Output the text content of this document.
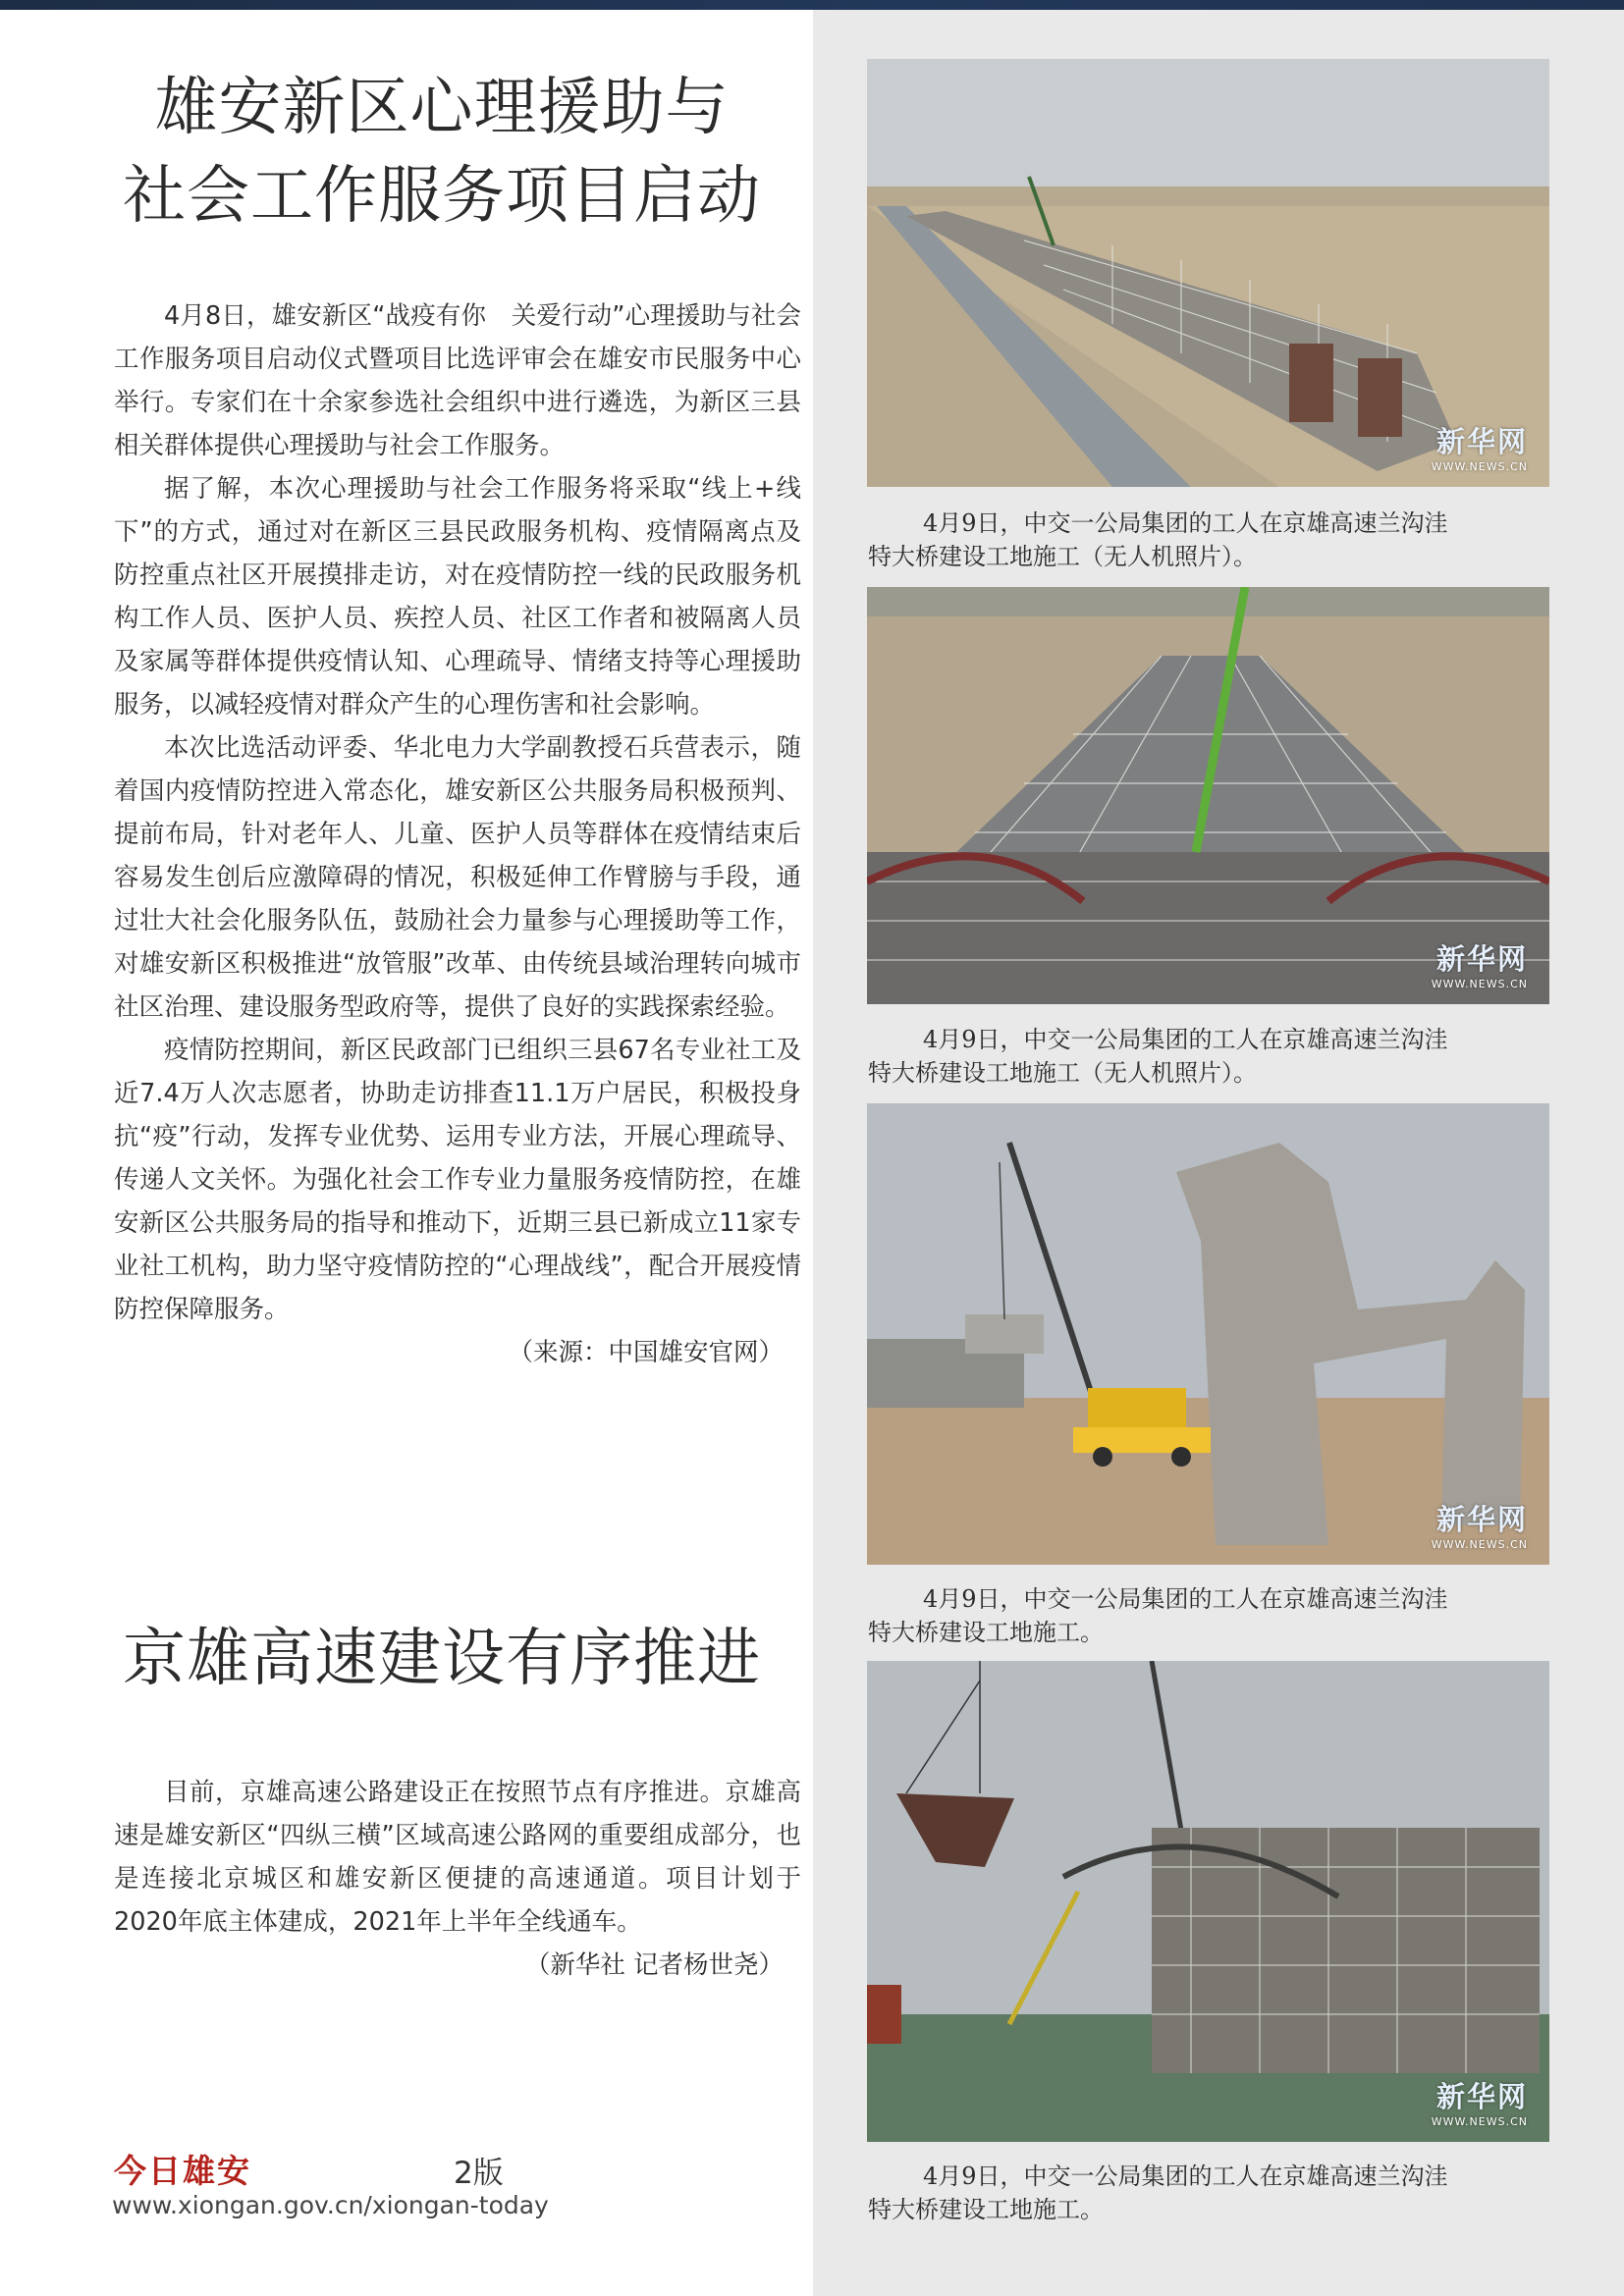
雄安新区心理援助与
社会工作服务项目启动

4月8日，雄安新区“战疫有你　关爱行动”心理援助与社会工作服务项目启动仪式暨项目比选评审会在雄安市民服务中心举行。专家们在十余家参选社会组织中进行遴选，为新区三县相关群体提供心理援助与社会工作服务。

据了解，本次心理援助与社会工作服务将采取“线上+线下”的方式，通过对在新区三县民政服务机构、疫情隔离点及防控重点社区开展摸排走访，对在疫情防控一线的民政服务机构工作人员、医护人员、疾控人员、社区工作者和被隔离人员及家属等群体提供疫情认知、心理疏导、情绪支持等心理援助服务，以减轻疫情对群众产生的心理伤害和社会影响。

本次比选活动评委、华北电力大学副教授石兵营表示，随着国内疫情防控进入常态化，雄安新区公共服务局积极预判、提前布局，针对老年人、儿童、医护人员等群体在疫情结束后容易发生创后应激障碍的情况，积极延伸工作臂膀与手段，通过壮大社会化服务队伍，鼓励社会力量参与心理援助等工作，对雄安新区积极推进“放管服”改革、由传统县域治理转向城市社区治理、建设服务型政府等，提供了良好的实践探索经验。

疫情防控期间，新区民政部门已组织三县67名专业社工及近7.4万人次志愿者，协助走访排查11.1万户居民，积极投身抗“疫”行动，发挥专业优势、运用专业方法，开展心理疏导、传递人文关怀。为强化社会工作专业力量服务疫情防控，在雄安新区公共服务局的指导和推动下，近期三县已新成立11家专业社工机构，助力坚守疫情防控的“心理战线”，配合开展疫情防控保障服务。

（来源：中国雄安官网）

京雄高速建设有序推进

目前，京雄高速公路建设正在按照节点有序推进。京雄高速是雄安新区“四纵三横”区域高速公路网的重要组成部分，也是连接北京城区和雄安新区便捷的高速通道。项目计划于2020年底主体建成，2021年上半年全线通车。

（新华社 记者杨世尧）

今日雄安	2版
www.xiongan.gov.cn/xiongan-today
新华网
WWW.NEWS.CN
4月9日，中交一公局集团的工人在京雄高速兰沟洼
特大桥建设工地施工（无人机照片）。
新华网
WWW.NEWS.CN
4月9日，中交一公局集团的工人在京雄高速兰沟洼
特大桥建设工地施工（无人机照片）。
新华网
WWW.NEWS.CN
4月9日，中交一公局集团的工人在京雄高速兰沟洼
特大桥建设工地施工。
新华网
WWW.NEWS.CN
4月9日，中交一公局集团的工人在京雄高速兰沟洼
特大桥建设工地施工。
